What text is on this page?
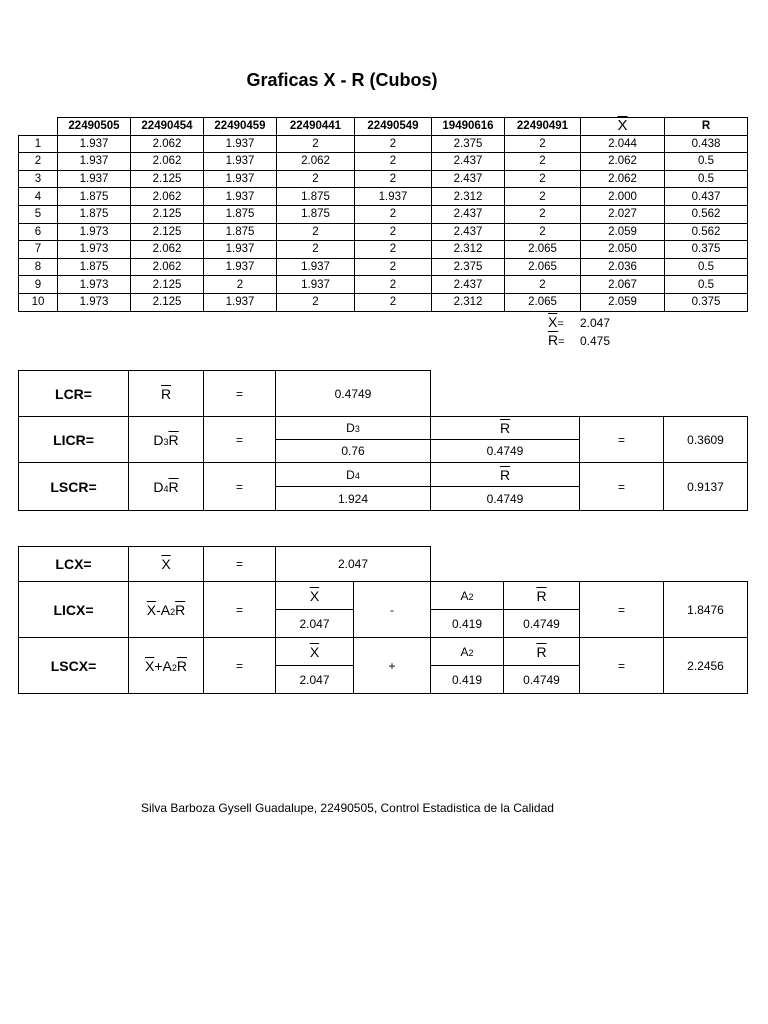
Graficas X - R (Cubos)
	22490505	22490454	22490459	22490441	22490549	19490616	22490491	$\overline{X}$	R
1	1.937	2.062	1.937	2	2	2.375	2	2.044	0.438
2	1.937	2.062	1.937	2.062	2	2.437	2	2.062	0.5
3	1.937	2.125	1.937	2	2	2.437	2	2.062	0.5
4	1.875	2.062	1.937	1.875	1.937	2.312	2	2.000	0.437
5	1.875	2.125	1.875	1.875	2	2.437	2	2.027	0.562
6	1.973	2.125	1.875	2	2	2.437	2	2.059	0.562
7	1.973	2.062	1.937	2	2	2.312	2.065	2.050	0.375
8	1.875	2.062	1.937	1.937	2	2.375	2.065	2.036	0.5
9	1.973	2.125	2	1.937	2	2.437	2	2.067	0.5
10	1.973	2.125	1.937	2	2	2.312	2.065	2.059	0.375
$\overline{X}= 2.047$
$\overline{R}= 0.475$
LCR=	$\overline{R}$	=	0.4749			
LICR=	$D3\overline{R}$	=	D3	$\overline{R}$	=	0.3609
			0.76	0.4749		
LSCR=	$D4\overline{R}$	=	D4	$\overline{R}$	=	0.9137
			1.924	0.4749		
LCX=	$\overline{X}$	=	2.047					
LICX=	$\overline{X}-A2\overline{R}$	=	$\overline{X}$	-	A2	$\overline{R}$	=	1.8476
			2.047		0.419	0.4749		
LSCX=	$\overline{X}+A2\overline{R}$	=	$\overline{X}$	+	A2	$\overline{R}$	=	2.2456
			2.047		0.419	0.4749		
Silva Barboza Gysell Guadalupe, 22490505, Control Estadistica de la Calidad
